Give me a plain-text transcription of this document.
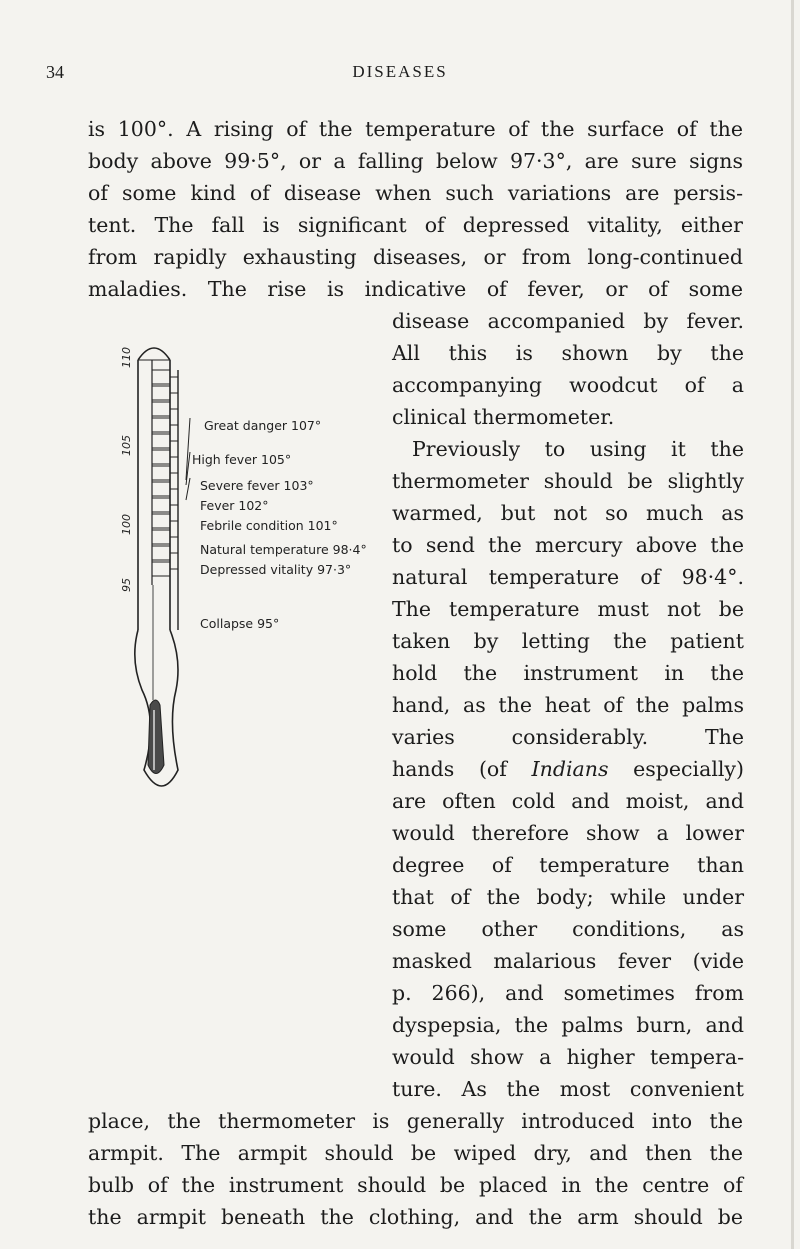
34	DISEASES
is 100°. A rising of the temperature of the surface of the
body above 99·5°, or a falling below 97·3°, are sure signs
of some kind of disease when such variations are persis-
tent. The fall is significant of depressed vitality, either
from rapidly exhausting diseases, or from long-continued
maladies. The rise is indicative of fever, or of some
disease accompanied by fever.
All this is shown by the
accompanying woodcut of a
clinical thermometer.
Previously to using it the
thermometer should be slightly
warmed, but not so much as
to send the mercury above the
natural temperature of 98·4°.
The temperature must not be
taken by letting the patient
hold the instrument in the
hand, as the heat of the palms
varies considerably. The
hands (of Indians especially)
are often cold and moist, and
would therefore show a lower
degree of temperature than
that of the body; while under
some other conditions, as
masked malarious fever (vide
p. 266), and sometimes from
dyspepsia, the palms burn, and
would show a higher tempera-
ture. As the most convenient
place, the thermometer is generally introduced into the
armpit. The armpit should be wiped dry, and then the
bulb of the instrument should be placed in the centre of
the armpit beneath the clothing, and the arm should be
110
105
100
95
Great danger 107°
High fever 105°
Severe fever 103°
Fever 102°
Febrile condition 101°
Natural temperature 98·4°
Depressed vitality 97·3°
Collapse 95°
